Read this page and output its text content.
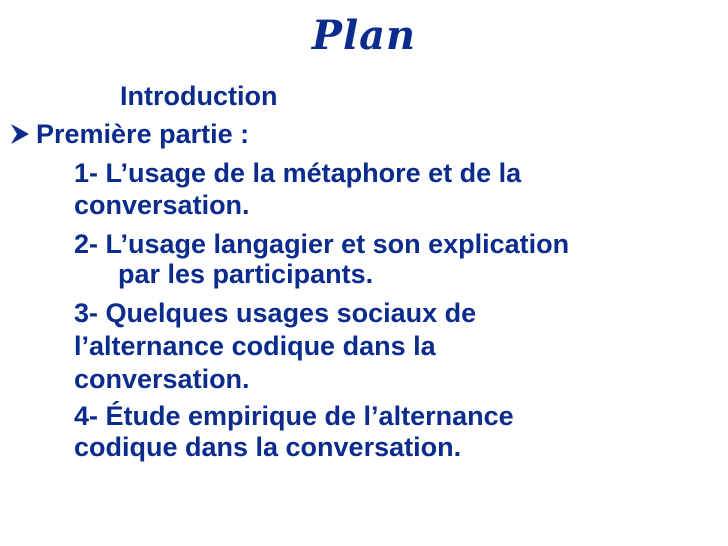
Plan
Introduction
Première partie :
1- L’usage de la métaphore et de la
conversation.
2- L’usage langagier et son explication
par les participants.
3- Quelques usages sociaux de
l’alternance codique dans la
conversation.
4- Étude empirique de l’alternance
codique dans la conversation.
